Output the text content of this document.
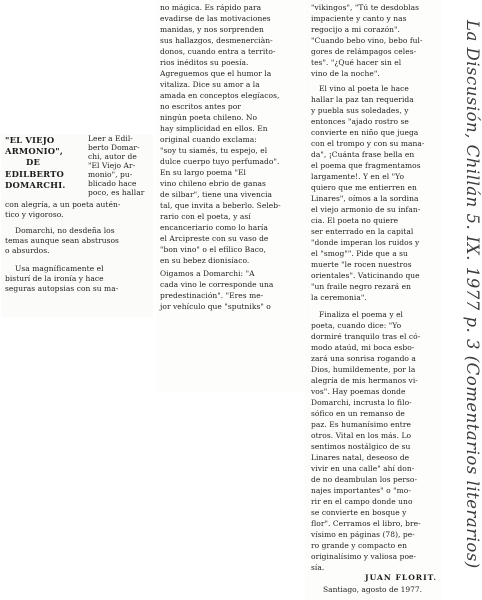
"EL VIEJO
ARMONIO",
DE
EDILBERTO
DOMARCHI.
Leer a Edil-
berto Domar-
chi, autor de
"El Viejo Ar-
monio", pu-
blicado hace
poco, es hallar
con alegría, a un poeta autén-
tico y vigoroso.
Domarchi, no desdeña los
temas aunque sean abstrusos
o absurdos.
Usa magníficamente el
bisturí de la ironía y hace
seguras autopsias con su ma-
no mágica. Es rápido para
evadirse de las motivaciones
manidas, y nos sorprenden
sus hallazgos, desmenerciàn-
donos, cuando entra a territo-
rios inéditos su poesía.
Agreguemos que el humor la
vitaliza. Dice su amor a la
amada en conceptos elegíacos,
no escritos antes por
ningún poeta chileno. No
hay simplicidad en ellos. En
original cuando exclama:
"soy tu siamés, tu espejo, el
dulce cuerpo tuyo perfumado".
En su largo poema "El
vino chileno ebrio de ganas
de silbar", tiene una vivencia
tal, que invita a beberlo. Seleb-
rario con el poeta, y así
encanceriario como lo haría
el Arcipreste con su vaso de
"bon vino" o el efílico Baco,
en su bebez dionisíaco.
Oigamos a Domarchi: "A
cada vino le corresponde una
predestinación". "Eres me-
jor vehículo que "sputniks" o
"vikingos", "Tú te desdoblas
impaciente y canto y nas
regocijo a mi corazón".
"Cuando bebo vino, bebo ful-
gores de relámpagos celes-
tes". "¿Qué hacer sin el
vino de la noche".
El vino al poeta le hace
hallar la paz tan requerida
y puebla sus soledades, y
entonces "ajado rostro se
convierte en niño que juega
con el trompo y con su mana-
da", ¡Cuánta frase bella en
el poema que fragmentamos
largamente!. Y en el "Yo
quiero que me entierren en
Linares", oímos a la sordina
el viejo armonio de su infan-
cia. El poeta no quiere
ser enterrado en la capital
"donde imperan los ruidos y
el "smog"". Pide que a su
muerte "le rocen nuestros
orientales". Vaticinando que
"un fraile negro rezará en
la ceremonia".
Finaliza el poema y el
poeta, cuando dice: "Yo
dormiré tranquilo tras el có-
modo ataúd, mi boca esbo-
zará una sonrisa rogando a
Dios, humildemente, por la
alegría de mis hermanos vi-
vos". Hay poemas donde
Domarchi, incrusta lo filo-
sófico en un remanso de
paz. Es humanísimo entre
otros. Vital en los más. Lo
sentimos nostálgico de su
Linares natal, deseoso de
vivir en una calle" ahí don-
de no deambulan los perso-
najes importantes" o "mo-
rir en el campo donde uno
se convierte en bosque y
flor". Cerramos el libro, bre-
vísimo en páginas (78), pe-
ro grande y compacto en
originalísimo y valiosa poe-
sía.
JUAN FLORIT.
Santiago, agosto de 1977.
La Discusión, Chillán 5. IX. 1977 p. 3 (Comentarios literarios)
